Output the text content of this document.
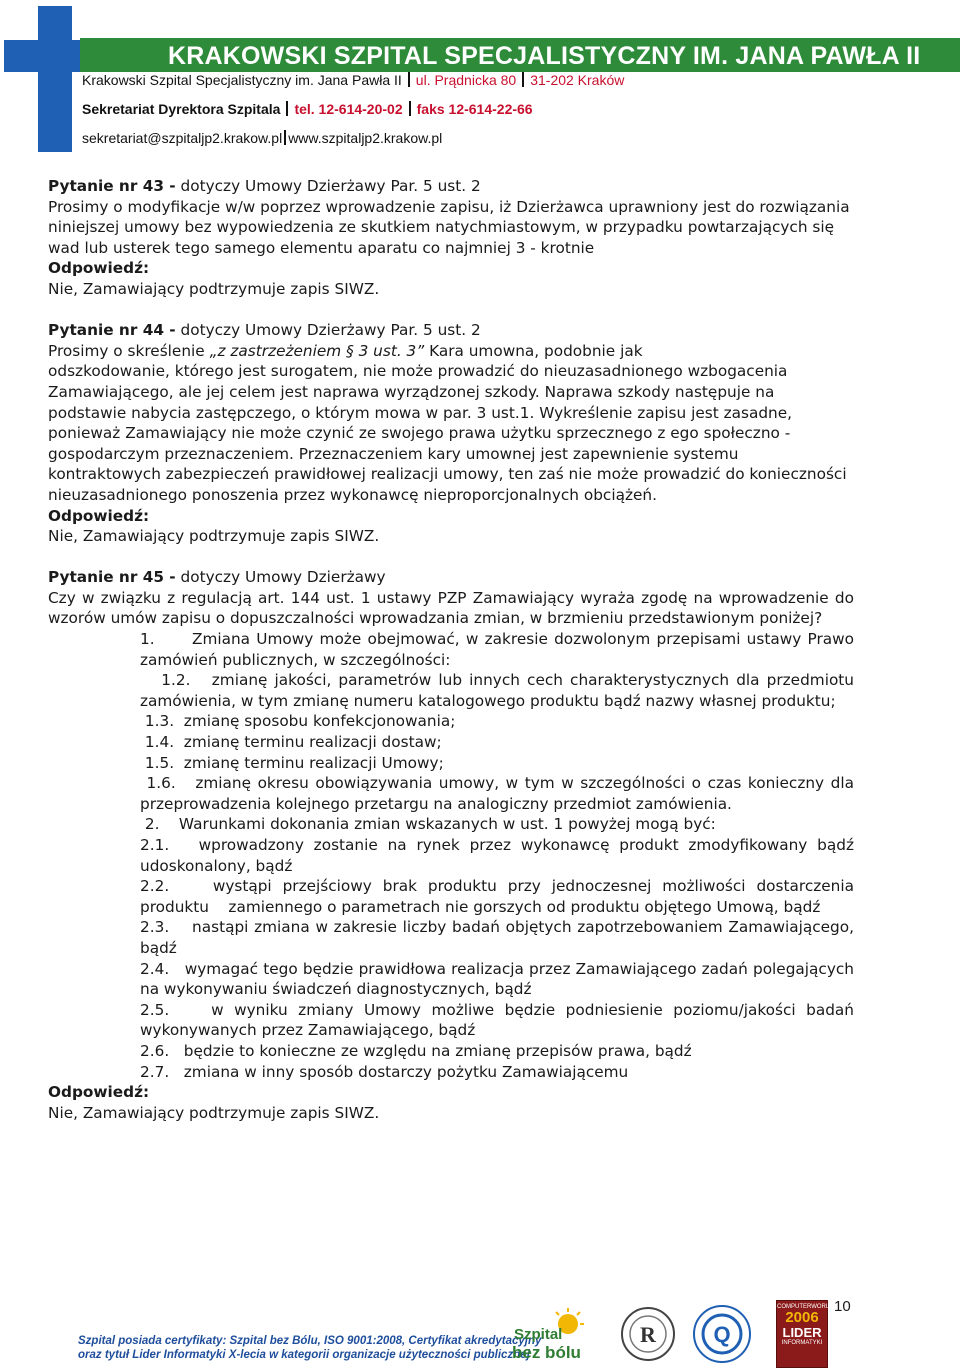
KRAKOWSKI SZPITAL SPECJALISTYCZNY IM. JANA PAWŁA II
Krakowski Szpital Specjalistyczny im. Jana Pawła II ul. Prądnicka 80 31-202 Kraków
Sekretariat Dyrektora Szpitala tel. 12-614-20-02 faks 12-614-22-66
sekretariat@szpitaljp2.krakow.pl www.szpitaljp2.krakow.pl

Pytanie nr 43 - dotyczy Umowy Dzierżawy Par. 5 ust. 2

Prosimy o modyfikacje w/w poprzez wprowadzenie zapisu, iż Dzierżawca uprawniony jest do rozwiązania niniejszej umowy bez wypowiedzenia ze skutkiem natychmiastowym, w przypadku powtarzających się wad lub usterek tego samego elementu aparatu co najmniej 3 - krotnie

Odpowiedź:

Nie, Zamawiający podtrzymuje zapis SIWZ.

Pytanie nr 44 - dotyczy Umowy Dzierżawy Par. 5 ust. 2

Prosimy o skreślenie „z zastrzeżeniem § 3 ust. 3” Kara umowna, podobnie jak

odszkodowanie, którego jest surogatem, nie może prowadzić do nieuzasadnionego wzbogacenia Zamawiającego, ale jej celem jest naprawa wyrządzonej szkody. Naprawa szkody następuje na podstawie nabycia zastępczego, o którym mowa w par. 3 ust.1. Wykreślenie zapisu jest zasadne, ponieważ Zamawiający nie może czynić ze swojego prawa użytku sprzecznego z ego społeczno - gospodarczym przeznaczeniem. Przeznaczeniem kary umownej jest zapewnienie systemu kontraktowych zabezpieczeń prawidłowej realizacji umowy, ten zaś nie może prowadzić do konieczności nieuzasadnionego ponoszenia przez wykonawcę nieproporcjonalnych obciążeń.

Odpowiedź:

Nie, Zamawiający podtrzymuje zapis SIWZ.

Pytanie nr 45 - dotyczy Umowy Dzierżawy

Czy w związku z regulacją art. 144 ust. 1 ustawy PZP Zamawiający wyraża zgodę na wprowadzenie do wzorów umów zapisu o dopuszczalności wprowadzania zmian, w brzmieniu przedstawionym poniżej?

1.      Zmiana Umowy może obejmować, w zakresie dozwolonym przepisami ustawy Prawo  zamówień publicznych, w szczególności:

1.2.   zmianę jakości, parametrów lub innych cech charakterystycznych dla przedmiotu zamówienia, w tym zmianę numeru katalogowego produktu bądź nazwy własnej produktu;

1.3.  zmianę sposobu konfekcjonowania;

1.4.  zmianę terminu realizacji dostaw;

1.5.  zmianę terminu realizacji Umowy;

1.6.   zmianę okresu obowiązywania umowy, w tym w szczególności o czas konieczny dla  przeprowadzenia kolejnego przetargu na analogiczny przedmiot zamówienia.

2.    Warunkami dokonania zmian wskazanych w ust. 1 powyżej mogą być:

2.1.   wprowadzony zostanie na rynek przez wykonawcę produkt zmodyfikowany bądź   udoskonalony, bądź

2.2.    wystąpi przejściowy brak produktu przy jednoczesnej możliwości dostarczenia produktu    zamiennego o parametrach nie gorszych od produktu objętego Umową, bądź

2.3.    nastąpi zmiana w zakresie liczby badań objętych zapotrzebowaniem Zamawiającego, bądź

2.4.   wymagać tego będzie prawidłowa realizacja przez Zamawiającego zadań polegających na wykonywaniu świadczeń diagnostycznych, bądź

2.5.    w wyniku zmiany Umowy możliwe będzie podniesienie poziomu/jakości badań wykonywanych przez Zamawiającego, bądź

2.6.   będzie to konieczne ze względu na zmianę przepisów prawa, bądź

2.7.   zmiana w inny sposób dostarczy pożytku Zamawiającemu

Odpowiedź:

Nie, Zamawiający podtrzymuje zapis SIWZ.

10
Szpital posiada certyfikaty: Szpital bez Bólu, ISO 9001:2008, Certyfikat akredytacyjny
oraz tytuł Lider Informatyki X-lecia w kategorii organizacje użyteczności publicznej
Szpital
bez bólu
R	Q
COMPUTERWORLD
2006
LIDER
INFORMATYKI
